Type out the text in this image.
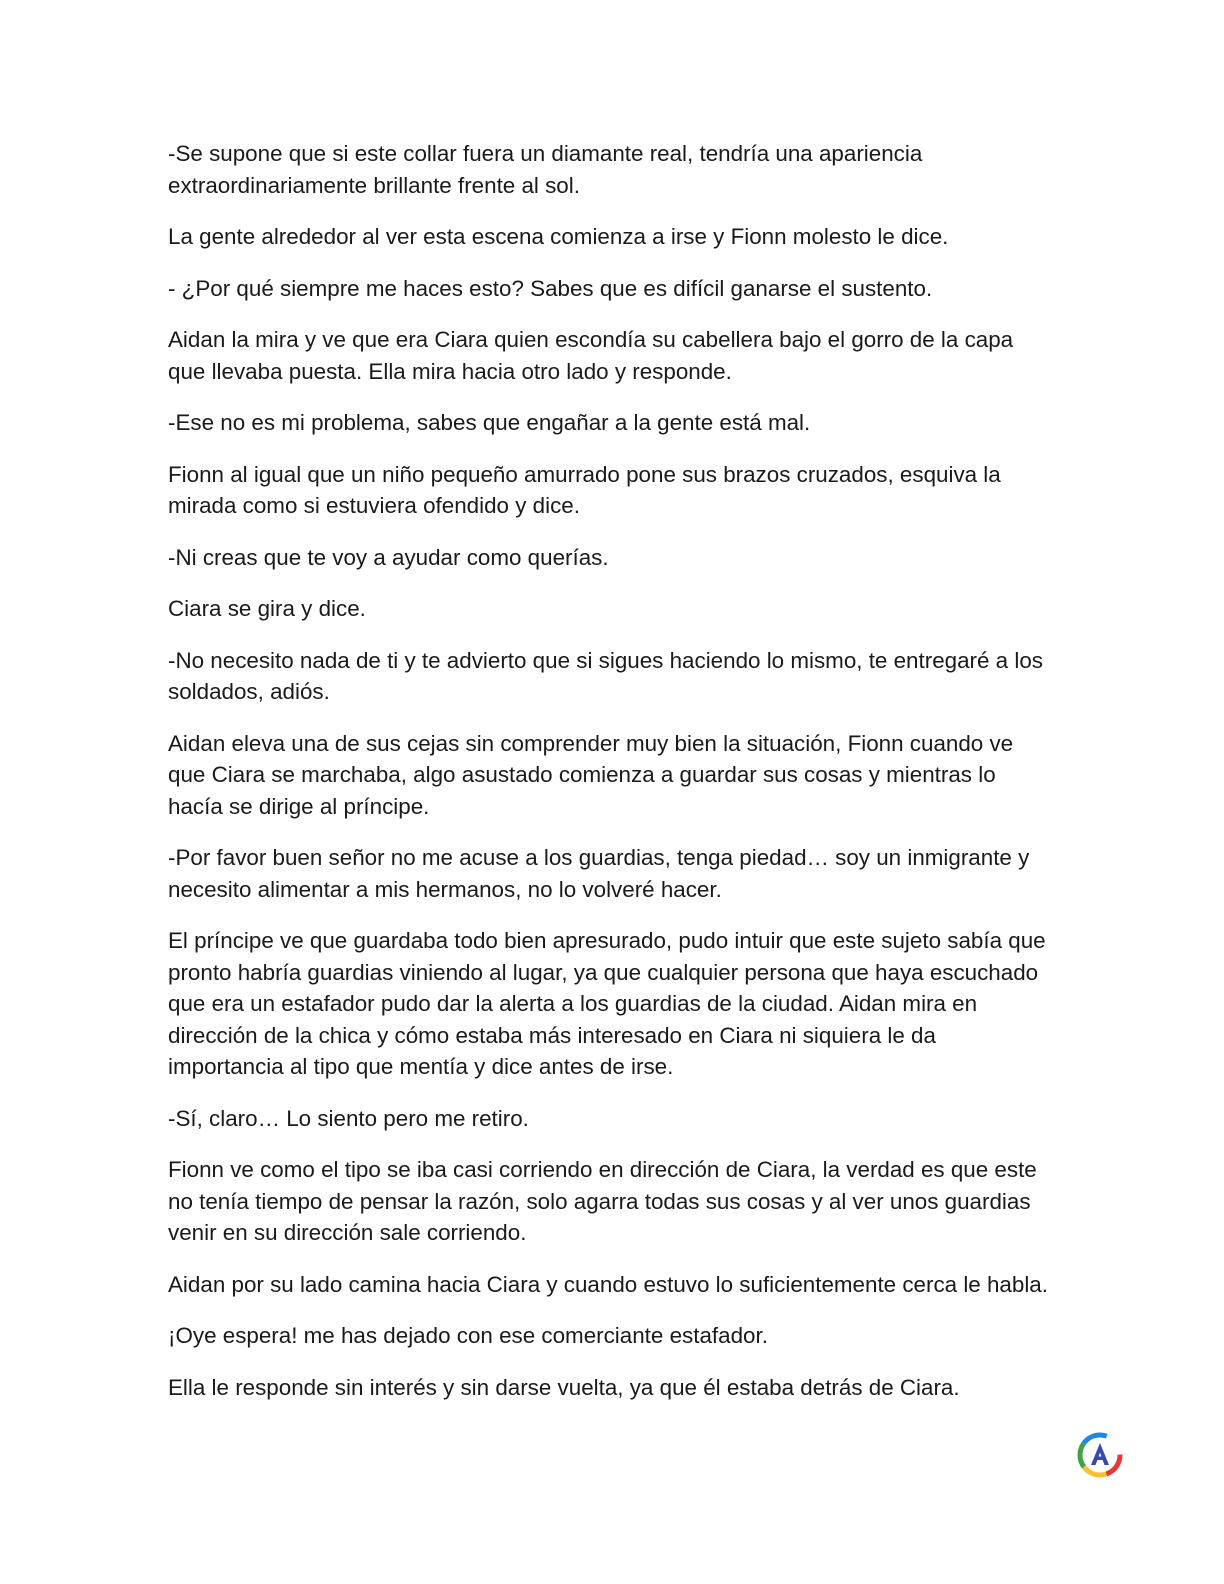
-Se supone que si este collar fuera un diamante real, tendría una apariencia extraordinariamente brillante frente al sol.

La gente alrededor al ver esta escena comienza a irse y Fionn molesto le dice.

- ¿Por qué siempre me haces esto? Sabes que es difícil ganarse el sustento.

Aidan la mira y ve que era Ciara quien escondía su cabellera bajo el gorro de la capa que llevaba puesta. Ella mira hacia otro lado y responde.

-Ese no es mi problema, sabes que engañar a la gente está mal.

Fionn al igual que un niño pequeño amurrado pone sus brazos cruzados, esquiva la mirada como si estuviera ofendido y dice.

-Ni creas que te voy a ayudar como querías.

Ciara se gira y dice.

-No necesito nada de ti y te advierto que si sigues haciendo lo mismo, te entregaré a los soldados, adiós.

Aidan eleva una de sus cejas sin comprender muy bien la situación, Fionn cuando ve que Ciara se marchaba, algo asustado comienza a guardar sus cosas y mientras lo hacía se dirige al príncipe.

-Por favor buen señor no me acuse a los guardias, tenga piedad… soy un inmigrante y necesito alimentar a mis hermanos, no lo volveré hacer.

El príncipe ve que guardaba todo bien apresurado, pudo intuir que este sujeto sabía que pronto habría guardias viniendo al lugar, ya que cualquier persona que haya escuchado que era un estafador pudo dar la alerta a los guardias de la ciudad. Aidan mira en dirección de la chica y cómo estaba más interesado en Ciara ni siquiera le da importancia al tipo que mentía y dice antes de irse.

-Sí, claro… Lo siento pero me retiro.

Fionn ve como el tipo se iba casi corriendo en dirección de Ciara, la verdad es que este no tenía tiempo de pensar la razón, solo agarra todas sus cosas y al ver unos guardias venir en su dirección sale corriendo.

Aidan por su lado camina hacia Ciara y cuando estuvo lo suficientemente cerca le habla.

¡Oye espera! me has dejado con ese comerciante estafador.

Ella le responde sin interés y sin darse vuelta, ya que él estaba detrás de Ciara.
